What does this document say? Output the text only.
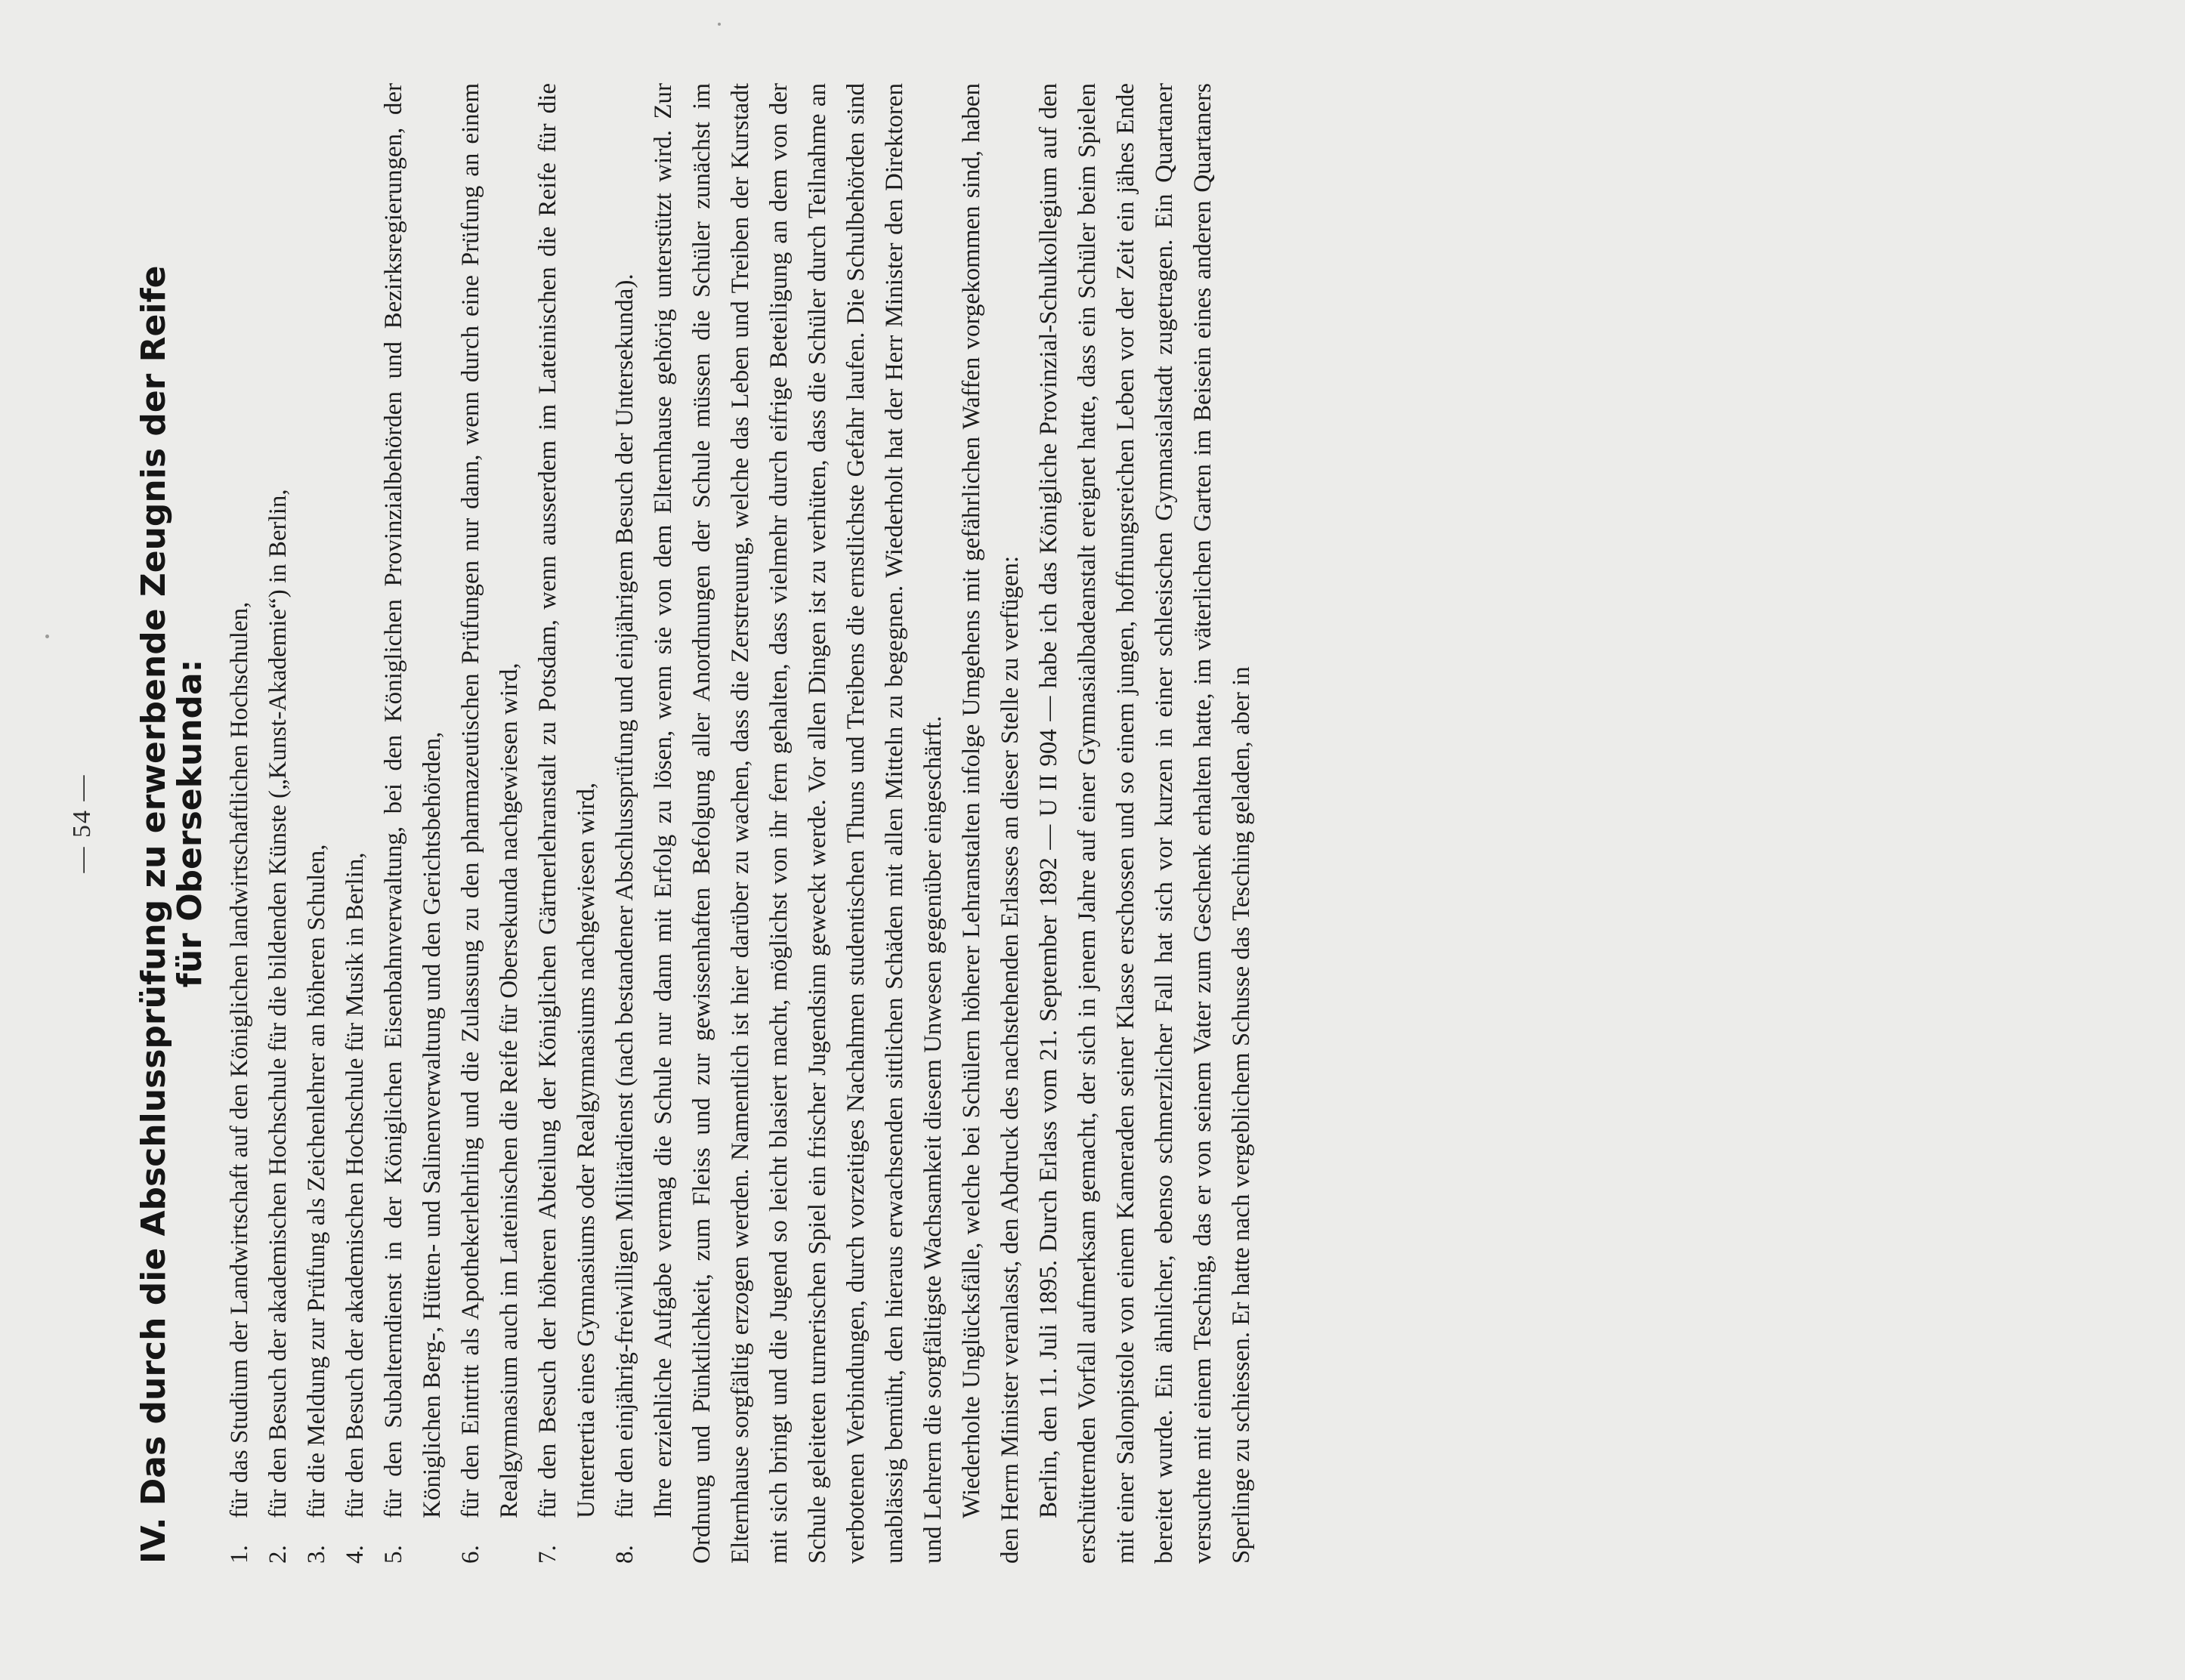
— 54 — IV. Das durch die Abschlussprüfung zu erwerbende Zeugnis der Reife
für Obersekunda:
1.
für das Studium der Landwirtschaft auf den Königlichen landwirtschaftlichen Hochschulen,
2.
für den Besuch der akademischen Hochschule für die bildenden Künste („Kunst-Akademie“) in Berlin,
3.
für die Meldung zur Prüfung als Zeichenlehrer an höheren Schulen,
4.
für den Besuch der akademischen Hochschule für Musik in Berlin,
5.
für den Subalterndienst in der Königlichen Eisenbahnverwaltung, bei den Königlichen Provinzialbehörden und Bezirksregierungen, der Königlichen Berg-, Hütten- und Salinenverwaltung und den Gerichtsbehörden,
6.
für den Eintritt als Apothekerlehrling und die Zulassung zu den pharmazeutischen Prüfungen nur dann, wenn durch eine Prüfung an einem Realgymnasium auch im Lateinischen die Reife für Obersekunda nachgewiesen wird,
7.
für den Besuch der höheren Abteilung der Königlichen Gärtnerlehranstalt zu Potsdam, wenn ausserdem im Lateinischen die Reife für die Untertertia eines Gymnasiums oder Realgymnasiums nachgewiesen wird,
8.
für den einjährig-freiwilligen Militärdienst (nach bestandener Abschlussprüfung und einjährigem Besuch der Untersekunda). Ihre erziehliche Aufgabe vermag die Schule nur dann mit Erfolg zu lösen, wenn sie von dem Elternhause gehörig unterstützt wird. Zur Ordnung und Pünktlichkeit, zum Fleiss und zur gewissenhaften Befolgung aller Anordnungen der Schule müssen die Schüler zunächst im Elternhause sorgfältig erzogen werden. Namentlich ist hier darüber zu wachen, dass die Zerstreuung, welche das Leben und Treiben der Kurstadt mit sich bringt und die Jugend so leicht blasiert macht, möglichst von ihr fern gehalten, dass vielmehr durch eifrige Beteiligung an dem von der Schule geleiteten turnerischen Spiel ein frischer Jugendsinn geweckt werde. Vor allen Dingen ist zu verhüten, dass die Schüler durch Teilnahme an verbotenen Verbindungen, durch vorzeitiges Nachahmen studentischen Thuns und Treibens die ernstlichste Gefahr laufen. Die Schulbehörden sind unablässig bemüht, den hieraus erwachsenden sittlichen Schäden mit allen Mitteln zu begegnen. Wiederholt hat der Herr Minister den Direktoren und Lehrern die sorgfältigste Wachsamkeit diesem Unwesen gegenüber eingeschärft. Wiederholte Unglücksfälle, welche bei Schülern höherer Lehranstalten infolge Umgehens mit gefährlichen Waffen vorgekommen sind, haben den Herrn Minister veranlasst, den Abdruck des nachstehenden Erlasses an dieser Stelle zu verfügen: Berlin, den 11. Juli 1895. Durch Erlass vom 21. September 1892 — U II 904 — habe ich das Königliche Provinzial-Schulkollegium auf den erschütternden Vorfall aufmerksam gemacht, der sich in jenem Jahre auf einer Gymnasialbadeanstalt ereignet hatte, dass ein Schüler beim Spielen mit einer Salonpistole von einem Kameraden seiner Klasse erschossen und so einem jungen, hoffnungsreichen Leben vor der Zeit ein jähes Ende bereitet wurde. Ein ähnlicher, ebenso schmerzlicher Fall hat sich vor kurzen in einer schlesischen Gymnasialstadt zugetragen. Ein Quartaner versuchte mit einem Tesching, das er von seinem Vater zum Geschenk erhalten hatte, im väterlichen Garten im Beisein eines anderen Quartaners Sperlinge zu schiessen. Er hatte nach vergeblichem Schusse das Tesching geladen, aber in
